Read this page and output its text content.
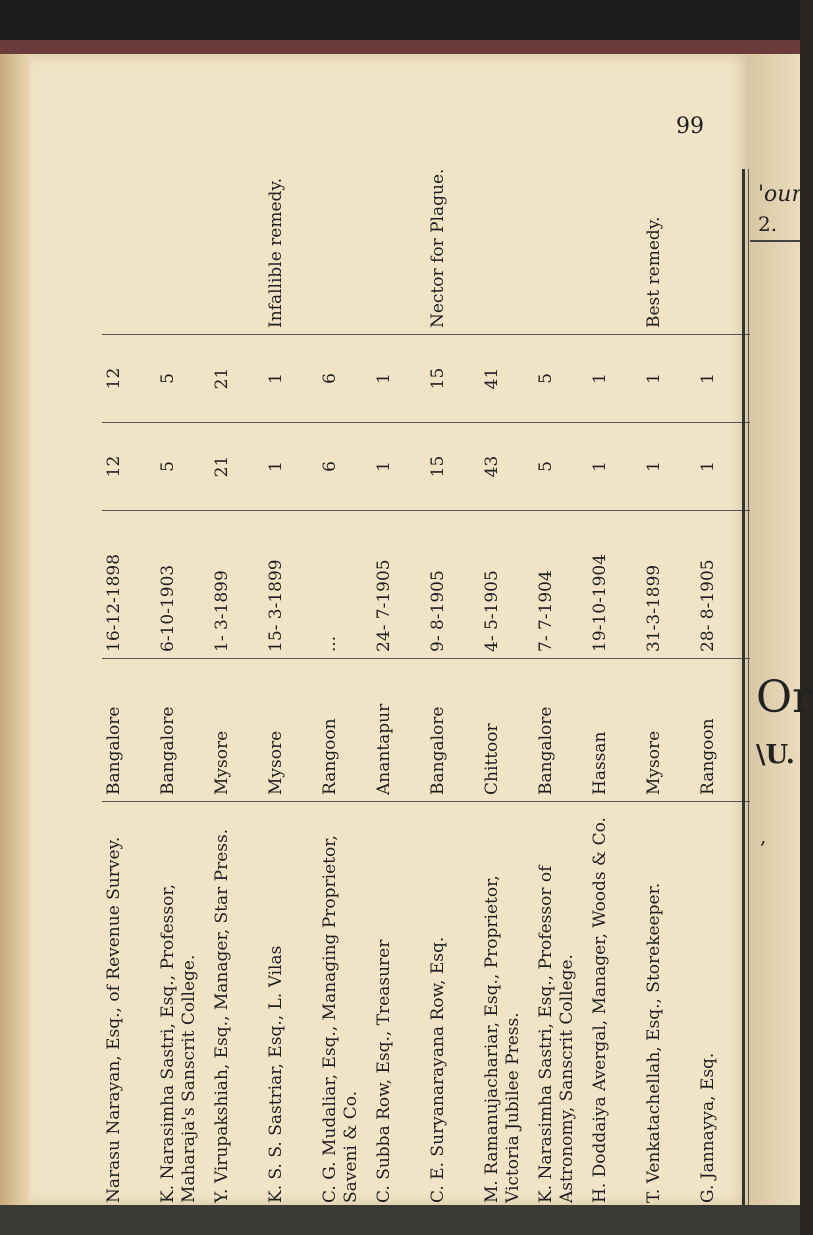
99
Narasu Narayan, Esq., of Revenue Survey.	Bangalore	16-12-1898	12	12	
K. Narasimha Sastri, Esq., Professor, Maharaja's Sanscrit College.	Bangalore	6-10-1903	5	5	
Y. Virupakshiah, Esq., Manager, Star Press.	Mysore	1- 3-1899	21	21	
K. S. S. Sastriar, Esq., L. Vilas	Mysore	15- 3-1899	1	1	Infallible remedy.
C. G. Mudaliar, Esq., Managing Proprietor, Saveni & Co.	Rangoon	...	6	6	
C. Subba Row, Esq., Treasurer	Anantapur	24- 7-1905	1	1	
C. E. Suryanarayana Row, Esq.	Bangalore	9- 8-1905	15	15	Nector for Plague.
M. Ramanujachariar, Esq., Proprietor, Victoria Jubilee Press.	Chittoor	4- 5-1905	43	41	
K. Narasimha Sastri, Esq., Professor of Astronomy, Sanscrit College.	Bangalore	7- 7-1904	5	5	
H. Doddaiya Avergal, Manager, Woods & Co.	Hassan	19-10-1904	1	1	
T. Venkatachellah, Esq., Storekeeper.	Mysore	31-3-1899	1	1	Best remedy.
G. Jannayya, Esq.	Rangoon	28- 8-1905	1	1	
'our
2.
Or
\U.
,
